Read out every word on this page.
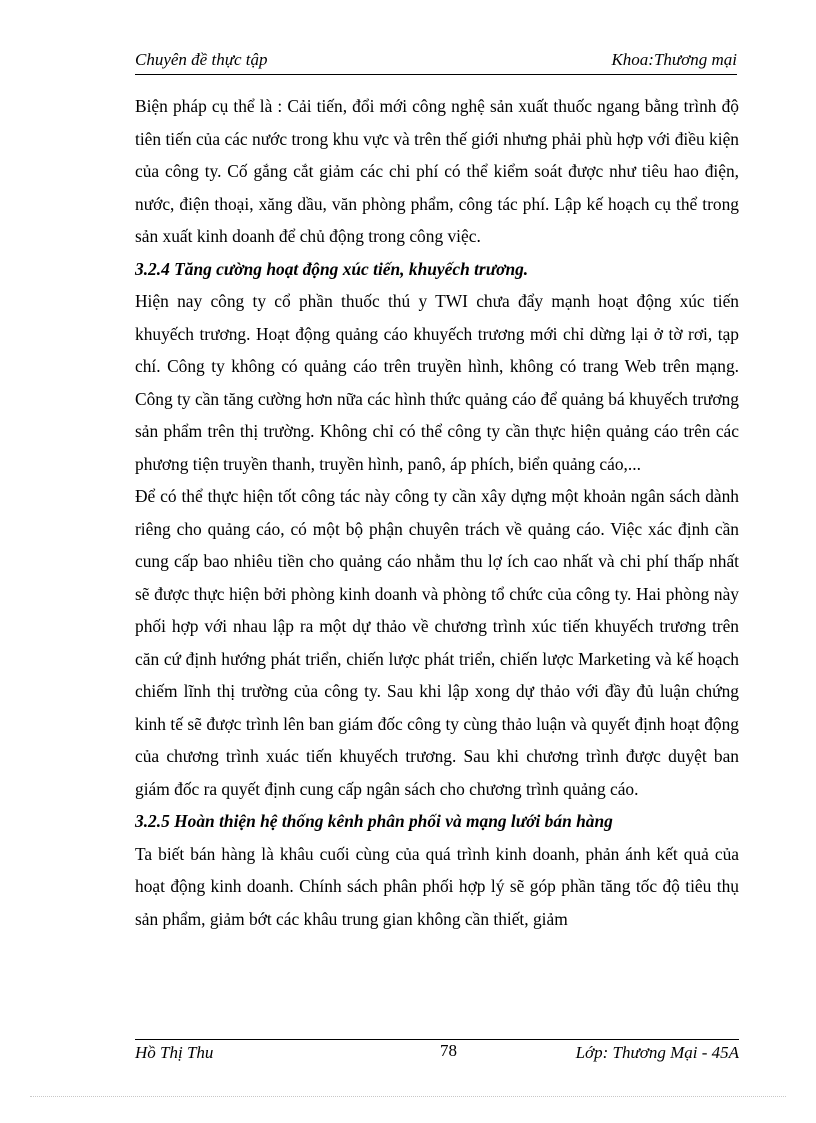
Chuyên đề thực tập	Khoa:Thương mại

Biện pháp cụ thể là : Cải tiến, đổi mới công nghệ sản xuất thuốc ngang bằng trình độ tiên tiến của các nước trong khu vực và trên thế giới nhưng phải phù hợp với điều kiện của công ty. Cố gắng cắt giảm các chi phí có thể kiểm soát được như tiêu hao điện, nước, điện thoại, xăng dầu, văn phòng phẩm, công tác phí. Lập kế hoạch cụ thể trong sản xuất kinh doanh để chủ động trong công việc.

3.2.4 Tăng cường hoạt động xúc tiến, khuyếch trương.

Hiện nay công ty cổ phần thuốc thú y TWI chưa đẩy mạnh hoạt động xúc tiến khuyếch trương. Hoạt động quảng cáo khuyếch trương mới chỉ dừng lại ở tờ rơi, tạp chí. Công ty không có quảng cáo trên truyền hình, không có trang Web trên mạng. Công ty cần tăng cường hơn nữa các hình thức quảng cáo để quảng bá khuyếch trương sản phẩm trên thị trường. Không chỉ có thể công ty cần thực hiện quảng cáo trên các phương tiện truyền thanh, truyền hình, panô, áp phích, biển quảng cáo,...

Để có thể thực hiện tốt công tác này công ty cần xây dựng một khoản ngân sách dành riêng cho quảng cáo, có một bộ phận chuyên trách về quảng cáo. Việc xác định cần cung cấp bao nhiêu tiền cho quảng cáo nhằm thu lợ ích cao nhất và chi phí thấp nhất sẽ được thực hiện bởi phòng kinh doanh và phòng tổ chức của công ty. Hai phòng này phối hợp với nhau lập ra một dự thảo về chương trình xúc tiến khuyếch trương trên căn cứ định hướng phát triển, chiến lược phát triển, chiến lược Marketing và kế hoạch chiếm lĩnh thị trường của công ty. Sau khi lập xong dự thảo với đầy đủ luận chứng kinh tế sẽ được trình lên ban giám đốc công ty cùng thảo luận và quyết định hoạt động của chương trình xuác tiến khuyếch trương. Sau khi chương trình được duyệt ban giám đốc ra quyết định cung cấp ngân sách cho chương trình quảng cáo.

3.2.5 Hoàn thiện hệ thống kênh phân phối và mạng lưới bán hàng

Ta biết bán hàng là khâu cuối cùng của quá trình kinh doanh, phản ánh kết quả của hoạt động kinh doanh. Chính sách phân phối hợp lý sẽ góp phần tăng tốc độ tiêu thụ sản phẩm, giảm bớt các khâu trung gian không cần thiết, giảm

Hồ Thị Thu	78	Lớp: Thương Mại - 45A
